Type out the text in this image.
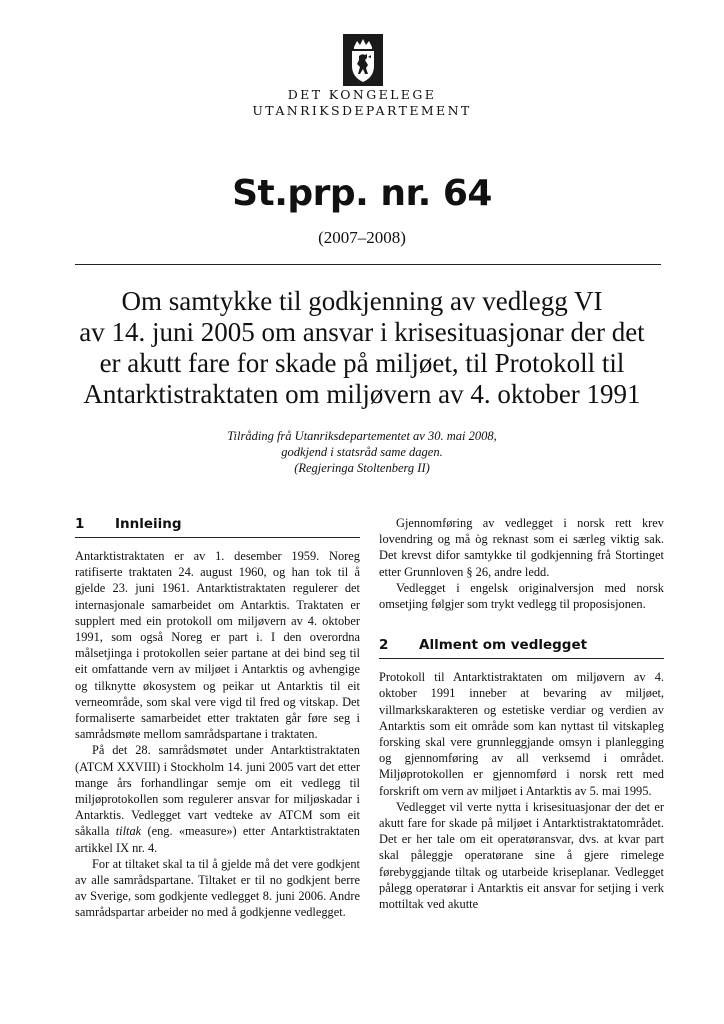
DET KONGELEGE
UTANRIKSDEPARTEMENT
St.prp. nr. 64
(2007–2008)
Om samtykke til godkjenning av vedlegg VI
av 14. juni 2005 om ansvar i krisesituasjonar der det
er akutt fare for skade på miljøet, til Protokoll til
Antarktistraktaten om miljøvern av 4. oktober 1991
Tilråding frå Utanriksdepartementet av 30. mai 2008,
godkjend i statsråd same dagen.
(Regjeringa Stoltenberg II)
1	Innleiing

Antarktistraktaten er av 1. desember 1959. Noreg ratifiserte traktaten 24. august 1960, og han tok til å gjelde 23. juni 1961. Antarktistraktaten regulerer det internasjonale samarbeidet om Antarktis. Traktaten er supplert med ein protokoll om miljøvern av 4. oktober 1991, som også Noreg er part i. I den overordna målsetjinga i protokollen seier partane at dei bind seg til eit omfattande vern av miljøet i Antarktis og avhengige og tilknytte økosystem og peikar ut Antarktis til eit verneområde, som skal vere vigd til fred og vitskap. Det formaliserte samarbeidet etter traktaten går føre seg i samrådsmøte mellom samrådspartane i traktaten.

På det 28. samrådsmøtet under Antarktistraktaten (ATCM XXVIII) i Stockholm 14. juni 2005 vart det etter mange års forhandlingar semje om eit vedlegg til miljøprotokollen som regulerer ansvar for miljøskadar i Antarktis. Vedlegget vart vedteke av ATCM som eit såkalla tiltak (eng. «measure») etter Antarktistraktaten artikkel IX nr. 4.

For at tiltaket skal ta til å gjelde må det vere godkjent av alle samrådspartane. Tiltaket er til no godkjent berre av Sverige, som godkjente vedlegget 8. juni 2006. Andre samrådspartar arbeider no med å godkjenne vedlegget.

Gjennomføring av vedlegget i norsk rett krev lovendring og må òg reknast som ei særleg viktig sak. Det krevst difor samtykke til godkjenning frå Stortinget etter Grunnloven § 26, andre ledd.

Vedlegget i engelsk originalversjon med norsk omsetjing følgjer som trykt vedlegg til proposisjonen.

2	Allment om vedlegget

Protokoll til Antarktistraktaten om miljøvern av 4. oktober 1991 inneber at bevaring av miljøet, villmarkskarakteren og estetiske verdiar og verdien av Antarktis som eit område som kan nyttast til vitskapleg forsking skal vere grunnleggjande omsyn i planlegging og gjennomføring av all verksemd i området. Miljøprotokollen er gjennomførd i norsk rett med forskrift om vern av miljøet i Antarktis av 5. mai 1995.

Vedlegget vil verte nytta i krisesituasjonar der det er akutt fare for skade på miljøet i Antarktistraktatområdet. Det er her tale om eit operatøransvar, dvs. at kvar part skal påleggje operatørane sine å gjere rimelege førebyggjande tiltak og utarbeide kriseplanar. Vedlegget pålegg operatørar i Antarktis eit ansvar for setjing i verk mottiltak ved akutte
